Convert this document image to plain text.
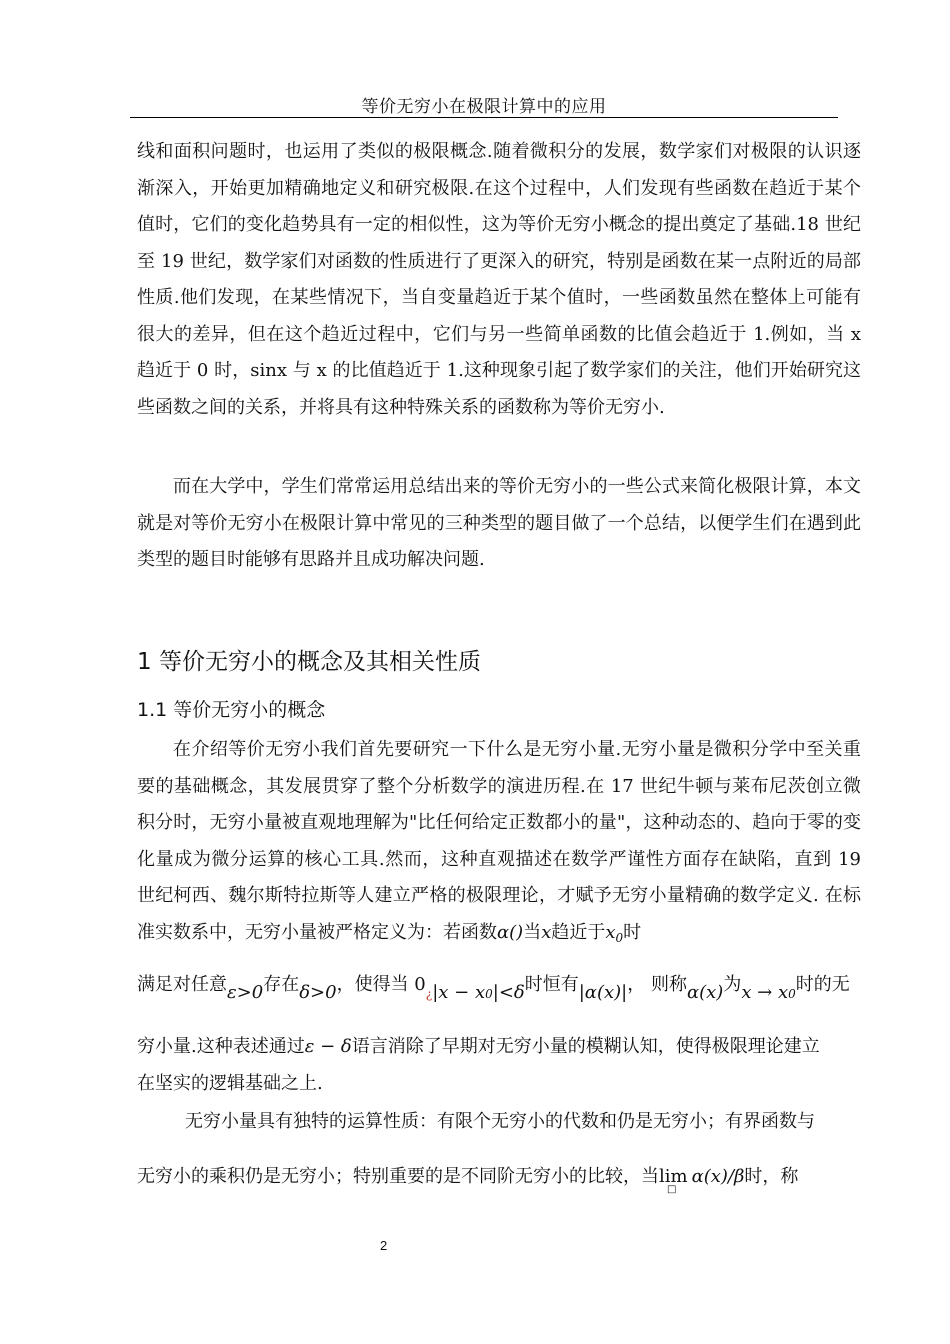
等价无穷小在极限计算中的应用

线和面积问题时，也运用了类似的极限概念.随着微积分的发展，数学家们对极限的认识逐渐深入，开始更加精确地定义和研究极限.在这个过程中，人们发现有些函数在趋近于某个值时，它们的变化趋势具有一定的相似性，这为等价无穷小概念的提出奠定了基础.18 世纪至 19 世纪，数学家们对函数的性质进行了更深入的研究，特别是函数在某一点附近的局部性质.他们发现，在某些情况下，当自变量趋近于某个值时，一些函数虽然在整体上可能有很大的差异，但在这个趋近过程中，它们与另一些简单函数的比值会趋近于 1.例如，当 x 趋近于 0 时，sinx 与 x 的比值趋近于 1.这种现象引起了数学家们的关注，他们开始研究这些函数之间的关系，并将具有这种特殊关系的函数称为等价无穷小.

而在大学中，学生们常常运用总结出来的等价无穷小的一些公式来简化极限计算，本文就是对等价无穷小在极限计算中常见的三种类型的题目做了一个总结，以便学生们在遇到此类型的题目时能够有思路并且成功解决问题.

1 等价无穷小的概念及其相关性质
1.1 等价无穷小的概念

在介绍等价无穷小我们首先要研究一下什么是无穷小量.无穷小量是微积分学中至关重要的基础概念，其发展贯穿了整个分析数学的演进历程.在 17 世纪牛顿与莱布尼茨创立微积分时，无穷小量被直观地理解为"比任何给定正数都小的量"，这种动态的、趋向于零的变化量成为微分运算的核心工具.然而，这种直观描述在数学严谨性方面存在缺陷，直到 19 世纪柯西、魏尔斯特拉斯等人建立严格的极限理论，才赋予无穷小量精确的数学定义. 在标准实数系中，无穷小量被严格定义为：若函数α()当x趋近于$x_0$时

满足对任意ε>0存在δ>0，使得当 $0_¿|x - x_0|<\delta$时恒有|α(x)|， 则称α(x)为$x \to x_0$时的无

穷小量.这种表述通过ε − δ语言消除了早期对无穷小量的模糊认知，使得极限理论建立

在坚实的逻辑基础之上.

无穷小量具有独特的运算性质：有限个无穷小的代数和仍是无穷小；有界函数与

无穷小的乘积仍是无穷小；特别重要的是不同阶无穷小的比较，当lim
□
α(x)/β时，称

2
